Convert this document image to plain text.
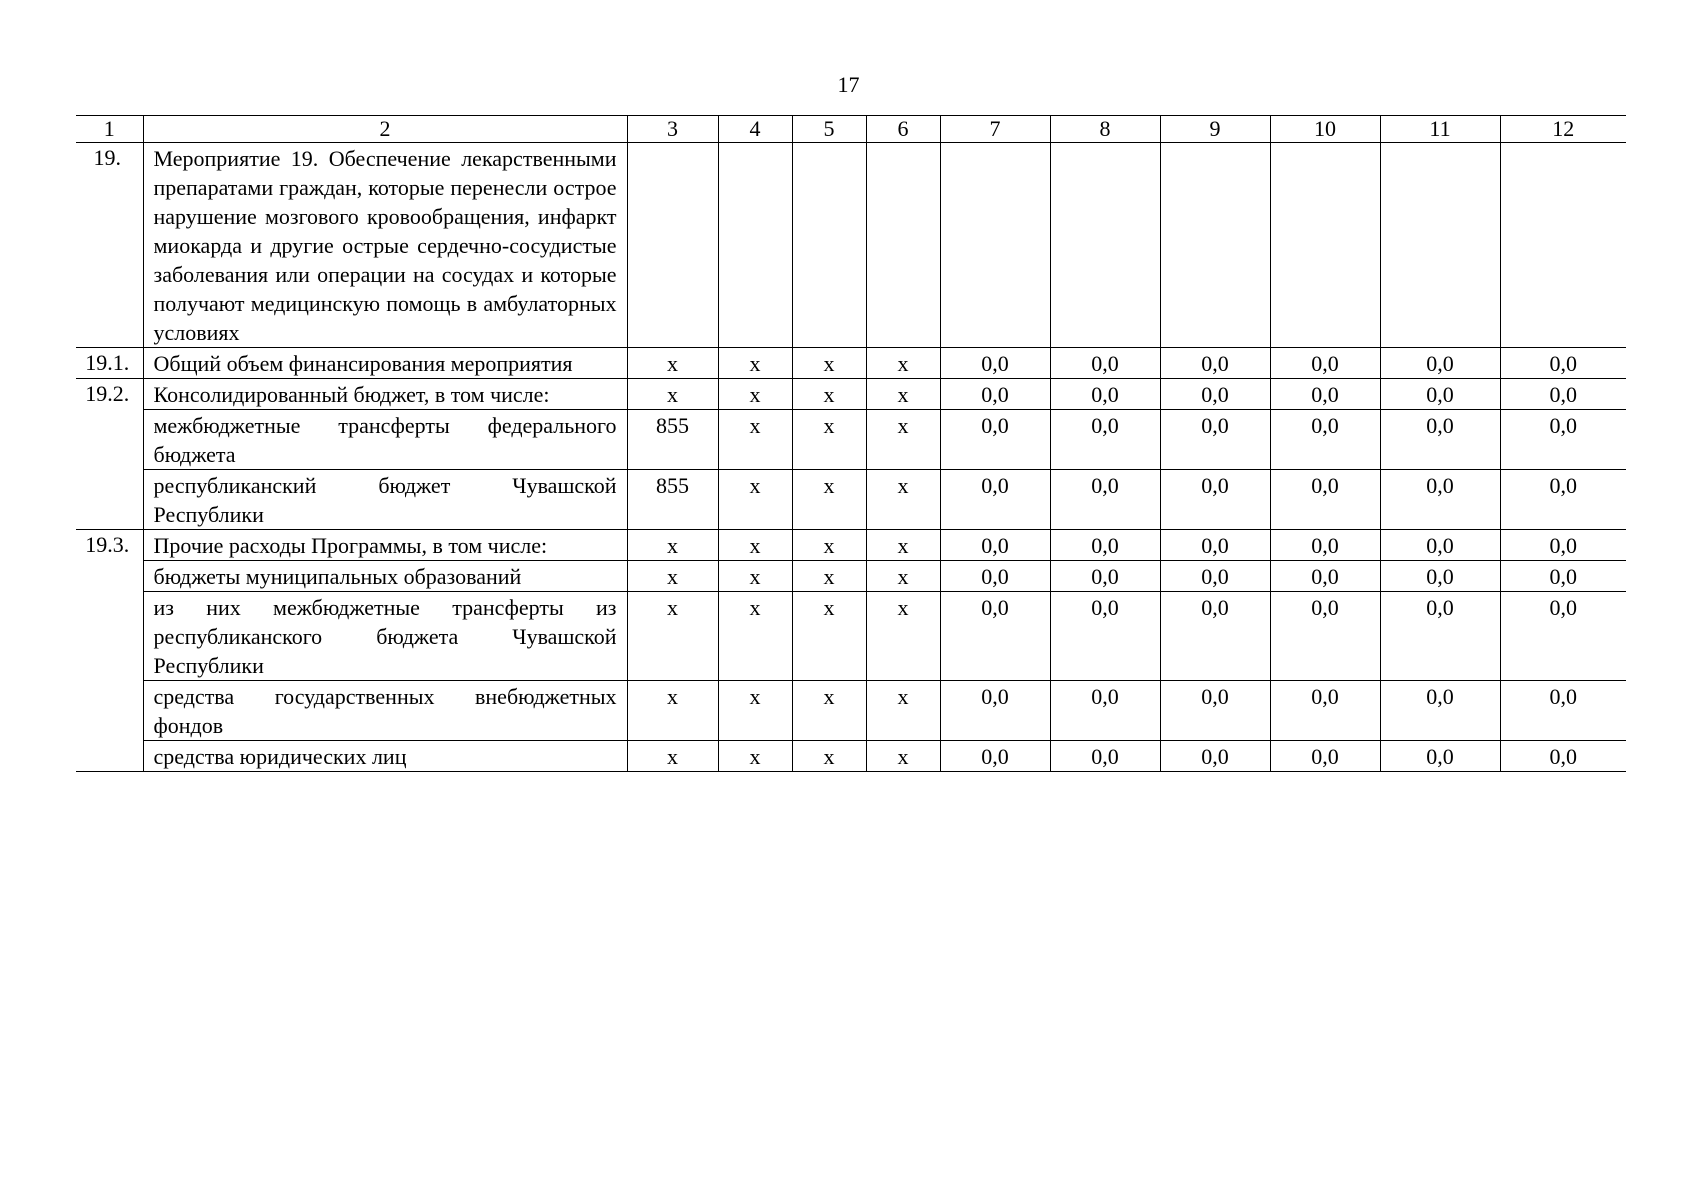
17
1	2	3	4	5	6	7	8	9	10	11	12
19.	Мероприятие 19. Обеспечение лекарственными препаратами граждан, которые перенесли острое нарушение мозгового кровообращения, инфаркт миокарда и другие острые сердечно-сосудистые заболевания или операции на сосудах и которые получают медицинскую помощь в амбулаторных условиях										
19.1.	Общий объем финансирования мероприятия	х	х	х	х	0,0	0,0	0,0	0,0	0,0	0,0
19.2.	Консолидированный бюджет, в том числе:	х	х	х	х	0,0	0,0	0,0	0,0	0,0	0,0
	межбюджетные трансферты федерального бюджета	855	х	х	х	0,0	0,0	0,0	0,0	0,0	0,0
	республиканский бюджет Чувашской Республики	855	х	х	х	0,0	0,0	0,0	0,0	0,0	0,0
19.3.	Прочие расходы Программы, в том числе:	х	х	х	х	0,0	0,0	0,0	0,0	0,0	0,0
	бюджеты муниципальных образований	х	х	х	х	0,0	0,0	0,0	0,0	0,0	0,0
	из них межбюджетные трансферты из республиканского бюджета Чувашской Республики	х	х	х	х	0,0	0,0	0,0	0,0	0,0	0,0
	средства государственных внебюджетных фондов	х	х	х	х	0,0	0,0	0,0	0,0	0,0	0,0
	средства юридических лиц	х	х	х	х	0,0	0,0	0,0	0,0	0,0	0,0
